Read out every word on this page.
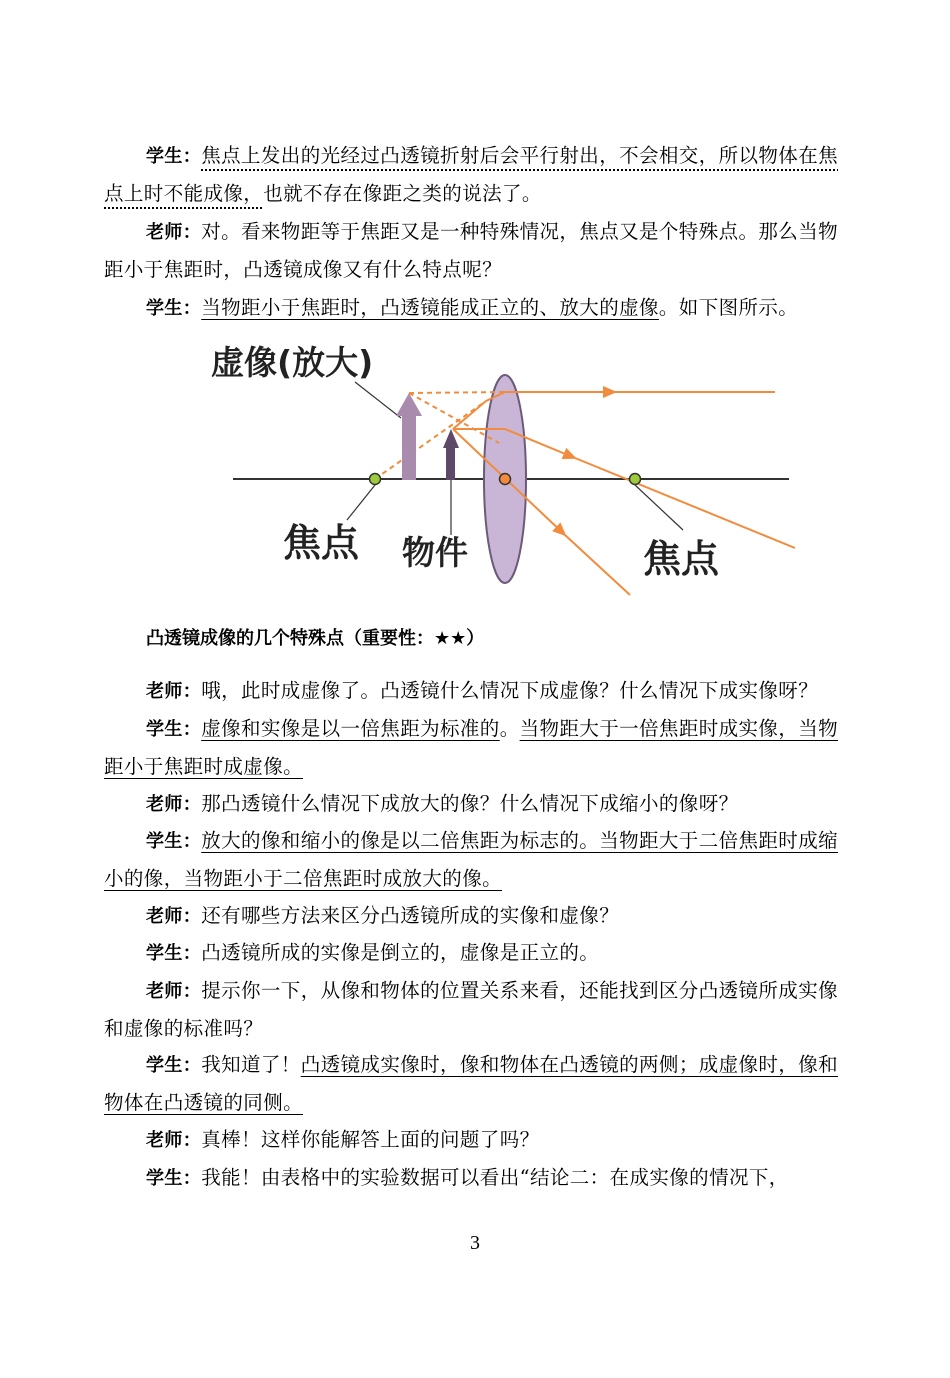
学生：焦点上发出的光经过凸透镜折射后会平行射出，不会相交，所以物体在焦点上时不能成像，也就不存在像距之类的说法了。

老师：对。看来物距等于焦距又是一种特殊情况，焦点又是个特殊点。那么当物距小于焦距时，凸透镜成像又有什么特点呢？

学生：当物距小于焦距时，凸透镜能成正立的、放大的虚像。如下图所示。

虚像(放大)
焦点 物件	焦点
凸透镜成像的几个特殊点（重要性：★★）

老师：哦，此时成虚像了。凸透镜什么情况下成虚像？什么情况下成实像呀？

学生：虚像和实像是以一倍焦距为标准的。当物距大于一倍焦距时成实像，当物距小于焦距时成虚像。

老师：那凸透镜什么情况下成放大的像？什么情况下成缩小的像呀？

学生：放大的像和缩小的像是以二倍焦距为标志的。当物距大于二倍焦距时成缩小的像，当物距小于二倍焦距时成放大的像。

老师：还有哪些方法来区分凸透镜所成的实像和虚像？

学生：凸透镜所成的实像是倒立的，虚像是正立的。

老师：提示你一下，从像和物体的位置关系来看，还能找到区分凸透镜所成实像和虚像的标准吗？

学生：我知道了！凸透镜成实像时，像和物体在凸透镜的两侧；成虚像时，像和物体在凸透镜的同侧。

老师：真棒！这样你能解答上面的问题了吗？

学生：我能！由表格中的实验数据可以看出“结论二：在成实像的情况下，

3
